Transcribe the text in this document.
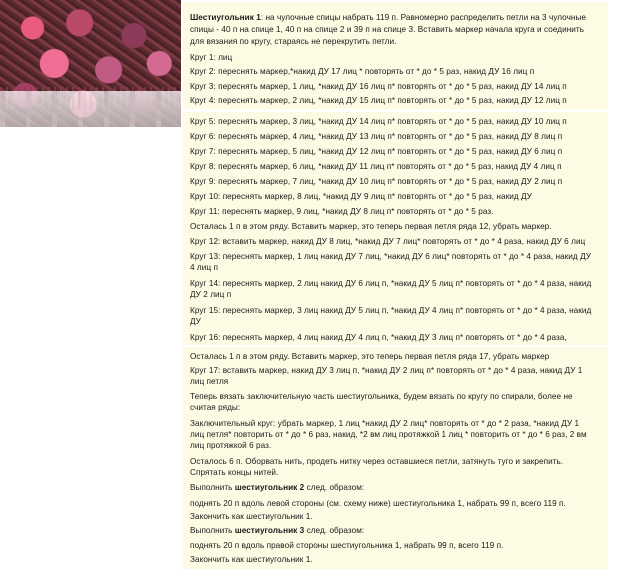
Шестиугольник 1: на чулочные спицы набрать 119 п. Равномерно распределить петли на 3 чулочные
спицы - 40 п на спице 1, 40 п на спице 2 и 39 п на спице 3. Вставить маркер начала круга и соединить
для вязания по кругу, стараясь не перекрутить петли.
Круг 1: лиц
Круг 2: переснять маркер,*накид ДУ 17 лиц * повторять от * до * 5 раз, накид ДУ 16 лиц п
Круг 3: переснять маркер, 1 лиц, *накид ДУ 16 лиц п* повторять от * до * 5 раз, накид ДУ 14 лиц п
Круг 4: переснять маркер, 2 лиц, *накид ДУ 15 лиц п* повторять от * до * 5 раз, накид ДУ 12 лиц п
Круг 5: переснять маркер, 3 лиц, *накид ДУ 14 лиц п* повторять от * до * 5 раз, накид ДУ 10 лиц п
Круг 6: переснять маркер, 4 лиц, *накид ДУ 13 лиц п* повторять от * до * 5 раз, накид ДУ 8 лиц п
Круг 7: переснять маркер, 5 лиц, *накид ДУ 12 лиц п* повторять от * до * 5 раз, накид ДУ 6 лиц п
Круг 8: переснять маркер, 6 лиц, *накид ДУ 11 лиц п* повторять от * до * 5 раз, накид ДУ 4 лиц п
Круг 9: переснять маркер, 7 лиц, *накид ДУ 10 лиц п* повторять от * до * 5 раз, накид ДУ 2 лиц п
Круг 10: переснять маркер, 8 лиц, *накид ДУ 9 лиц п* повторять от * до * 5 раз, накид ДУ
Круг 11: переснять маркер, 9 лиц, *накид ДУ 8 лиц п* повторять от * до * 5 раз.
Осталась 1 п в этом ряду. Вставить маркер, это теперь первая петля ряда 12, убрать маркер.
Круг 12: вставить маркер, накид ДУ 8 лиц, *накид ДУ 7 лиц* повторять от * до * 4 раза, накид ДУ 6 лиц
Круг 13: переснять маркер, 1 лиц накид ДУ 7 лиц, *накид ДУ 6 лиц* повторять от * до * 4 раза, накид ДУ
4 лиц п
Круг 14: переснять маркер, 2 лиц накид ДУ 6 лиц п, *накид ДУ 5 лиц п* повторять от * до * 4 раза, накид
ДУ 2 лиц п
Круг 15: переснять маркер, 3 лиц накид ДУ 5 лиц п, *накид ДУ 4 лиц п* повторять от * до * 4 раза, накид
ДУ
Круг 16: переснять маркер, 4 лиц накид ДУ 4 лиц п, *накид ДУ 3 лиц п* повторять от * до * 4 раза,
Осталась 1 п в этом ряду. Вставить маркер, это теперь первая петля ряда 17, убрать маркер
Круг 17: вставить маркер, накид ДУ 3 лиц п, *накид ДУ 2 лиц п* повторять от * до * 4 раза, накид ДУ 1
лиц петля
Теперь вязать заключительную часть шестиугольника, будем вязать по кругу по спирали, более не
считая ряды:
Заключительный круг: убрать маркер, 1 лиц *накид ДУ 2 лиц* повторять от * до * 2 раза, *накид ДУ 1
лиц петля* повторить от * до * 6 раз, накид, *2 вм лиц протяжкой 1 лиц * повторить от * до * 6 раз, 2 вм
лиц протяжкой 6 раз.
Осталось 6 п. Оборвать нить, продеть нитку через оставшиеся петли, затянуть туго и закрепить.
Спрятать концы нитей.
Выполнить шестиугольник 2 след. образом:
поднять 20 п вдоль левой стороны (см. схему ниже) шестиугольника 1, набрать 99 п, всего 119 п.
Закончить как шестиугольник 1.
Выполнить шестиугольник 3 след. образом:
поднять 20 п вдоль правой стороны шестиугольника 1, набрать 99 п, всего 119 п.
Закончить как шестиугольник 1.
